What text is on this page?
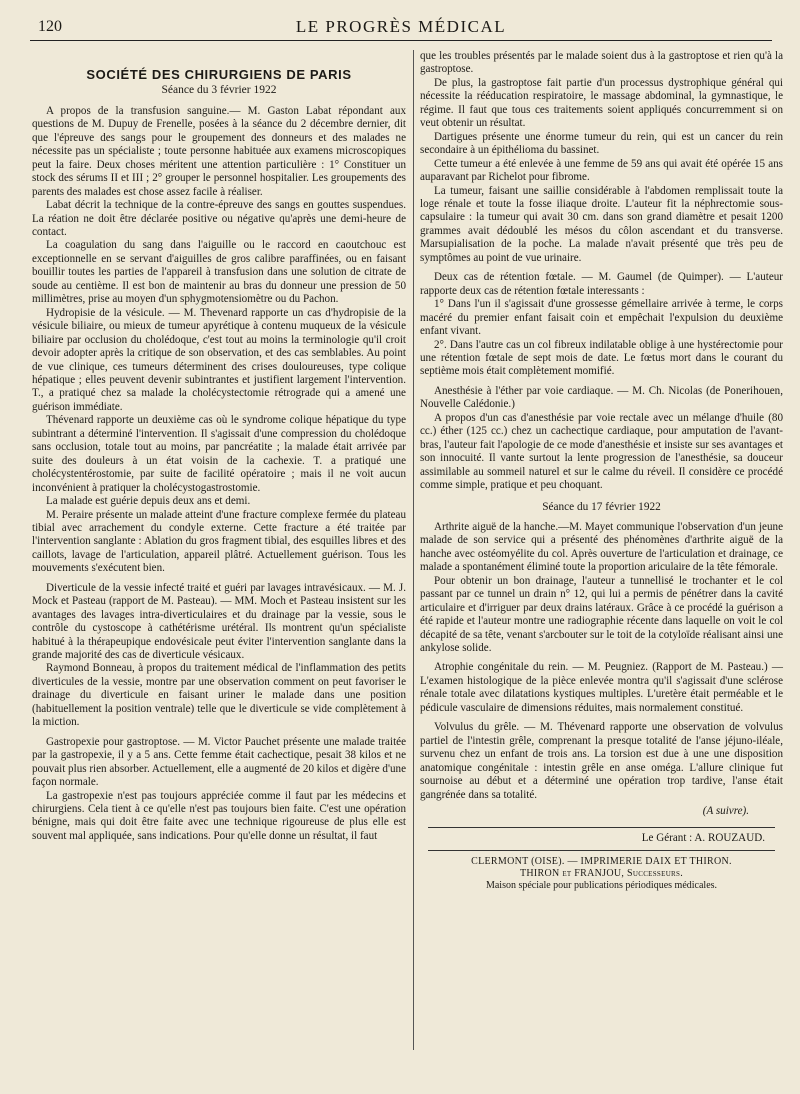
120	LE PROGRÈS MÉDICAL
SOCIÉTÉ DES CHIRURGIENS DE PARIS
Séance du 3 février 1922

A propos de la transfusion sanguine.— M. Gaston Labat répondant aux questions de M. Dupuy de Frenelle, posées à la séance du 2 décembre dernier, dit que l'épreuve des sangs pour le groupement des donneurs et des malades ne nécessite pas un spécialiste ; toute personne habituée aux examens microscopiques peut la faire. Deux choses méritent une attention particulière : 1° Constituer un stock des sérums II et III ; 2° grouper le personnel hospitalier. Les groupements des parents des malades est chose assez facile à réaliser.

Labat décrit la technique de la contre-épreuve des sangs en gouttes suspendues. La réation ne doit être déclarée positive ou négative qu'après une demi-heure de contact.

La coagulation du sang dans l'aiguille ou le raccord en caoutchouc est exceptionnelle en se servant d'aiguilles de gros calibre paraffinées, ou en faisant bouillir toutes les parties de l'appareil à transfusion dans une solution de citrate de soude au centième. Il est bon de maintenir au bras du donneur une pression de 50 millimètres, prise au moyen d'un sphygmotensiomètre ou du Pachon.

Hydropisie de la vésicule. — M. Thevenard rapporte un cas d'hydropisie de la vésicule biliaire, ou mieux de tumeur apyrétique à contenu muqueux de la vésicule biliaire par occlusion du cholédoque, c'est tout au moins la terminologie qu'il croit devoir adopter après la critique de son observation, et des cas semblables. Au point de vue clinique, ces tumeurs déterminent des crises douloureuses, type colique hépatique ; elles peuvent devenir subintrantes et justifient largement l'intervention. T., a pratiqué chez sa malade la cholécystectomie rétrograde qui a amené une guérison immédiate.

Thévenard rapporte un deuxième cas où le syndrome colique hépatique du type subintrant a déterminé l'intervention. Il s'agissait d'une compression du cholédoque sans occlusion, totale tout au moins, par pancréatite ; la malade était arrivée par suite des douleurs à un état voisin de la cachexie. T. a pratiqué une cholécystentérostomie, par suite de facilité opératoire ; mais il ne voit aucun inconvénient à pratiquer la cholécystogastrostomie.

La malade est guérie depuis deux ans et demi.

M. Peraire présente un malade atteint d'une fracture complexe fermée du plateau tibial avec arrachement du condyle externe. Cette fracture a été traitée par l'intervention sanglante : Ablation du gros fragment tibial, des esquilles libres et des caillots, lavage de l'articulation, appareil plâtré. Actuellement guérison. Tous les mouvements s'exécutent bien.

Diverticule de la vessie infecté traité et guéri par lavages intravésicaux. — M. J. Mock et Pasteau (rapport de M. Pasteau). — MM. Moch et Pasteau insistent sur les avantages des lavages intra-diverticulaires et du drainage par la vessie, sous le contrôle du cystoscope à cathétérisme urétéral. Ils montrent qu'un spécialiste habitué à la thérapeupique endovésicale peut éviter l'intervention sanglante dans la grande majorité des cas de diverticule vésicaux.

Raymond Bonneau, à propos du traitement médical de l'inflammation des petits diverticules de la vessie, montre par une observation comment on peut favoriser le drainage du diverticule en faisant uriner le malade dans une position (habituellement la position ventrale) telle que le diverticule se vide complètement à la miction.

Gastropexie pour gastroptose. — M. Victor Pauchet présente une malade traitée par la gastropexie, il y a 5 ans. Cette femme était cachectique, pesait 38 kilos et ne pouvait plus rien absorber. Actuellement, elle a augmenté de 20 kilos et digère d'une façon normale.

La gastropexie n'est pas toujours appréciée comme il faut par les médecins et chirurgiens. Cela tient à ce qu'elle n'est pas toujours bien faite. C'est une opération bénigne, mais qui doit être faite avec une technique rigoureuse de plus elle est souvent mal appliquée, sans indications. Pour qu'elle donne un résultat, il faut

que les troubles présentés par le malade soient dus à la gastroptose et rien qu'à la gastroptose.

De plus, la gastroptose fait partie d'un processus dystrophique général qui nécessite la rééducation respiratoire, le massage abdominal, la gymnastique, le régime. Il faut que tous ces traitements soient appliqués concurremment si on veut obtenir un résultat.

Dartigues présente une énorme tumeur du rein, qui est un cancer du rein secondaire à un épithélioma du bassinet.

Cette tumeur a été enlevée à une femme de 59 ans qui avait été opérée 15 ans auparavant par Richelot pour fibrome.

La tumeur, faisant une saillie considérable à l'abdomen remplissait toute la loge rénale et toute la fosse iliaque droite. L'auteur fit la néphrectomie sous-capsulaire : la tumeur qui avait 30 cm. dans son grand diamètre et pesait 1200 grammes avait dédoublé les mésos du côlon ascendant et du transverse. Marsupialisation de la poche. La malade n'avait présenté que très peu de symptômes au point de vue urinaire.

Deux cas de rétention fœtale. — M. Gaumel (de Quimper). — L'auteur rapporte deux cas de rétention fœtale interessants :

1° Dans l'un il s'agissait d'une grossesse gémellaire arrivée à terme, le corps macéré du premier enfant faisait coin et empêchait l'expulsion du deuxième enfant vivant.

2°. Dans l'autre cas un col fibreux indilatable oblige à une hystérectomie pour une rétention fœtale de sept mois de date. Le fœtus mort dans le courant du septième mois était complètement momifié.

Anesthésie à l'éther par voie cardiaque. — M. Ch. Nicolas (de Ponerihouen, Nouvelle Calédonie.)

A propos d'un cas d'anesthésie par voie rectale avec un mélange d'huile (80 cc.) éther (125 cc.) chez un cachectique cardiaque, pour amputation de l'avant-bras, l'auteur fait l'apologie de ce mode d'anesthésie et insiste sur ses avantages et son innocuité. Il vante surtout la lente progression de l'anesthésie, sa douceur assimilable au sommeil naturel et sur le calme du réveil. Il considère ce procédé comme simple, pratique et peu choquant.

Séance du 17 février 1922

Arthrite aiguë de la hanche.—M. Mayet communique l'observation d'un jeune malade de son service qui a présenté des phénomènes d'arthrite aiguë de la hanche avec ostéomyélite du col. Après ouverture de l'articulation et drainage, ce malade a spontanément éliminé toute la proportion ariculaire de la tête fémorale.

Pour obtenir un bon drainage, l'auteur a tunnellisé le trochanter et le col passant par ce tunnel un drain n° 12, qui lui a permis de pénétrer dans la cavité articulaire et d'irriguer par deux drains latéraux. Grâce à ce procédé la guérison a été rapide et l'auteur montre une radiographie récente dans laquelle on voit le col décapité de sa tête, venant s'arcbouter sur le toit de la cotyloïde réalisant ainsi une ankylose solide.

Atrophie congénitale du rein. — M. Peugniez. (Rapport de M. Pasteau.) — L'examen histologique de la pièce enlevée montra qu'il s'agissait d'une sclérose rénale totale avec dilatations kystiques multiples. L'uretère était perméable et le pédicule vasculaire de dimensions réduites, mais normalement constitué.

Volvulus du grêle. — M. Thévenard rapporte une observation de volvulus partiel de l'intestin grêle, comprenant la presque totalité de l'anse jéjuno-iléale, survenu chez un enfant de trois ans. La torsion est due à une une disposition anatomique congénitale : intestin grêle en anse oméga. L'allure clinique fut sournoise au début et a déterminé une opération trop tardive, l'anse était gangrénée dans sa totalité.

(A suivre).
Le Gérant : A. ROUZAUD.
CLERMONT (OISE). — IMPRIMERIE DAIX ET THIRON.
THIRON et FRANJOU, Successeurs.
Maison spéciale pour publications périodiques médicales.
